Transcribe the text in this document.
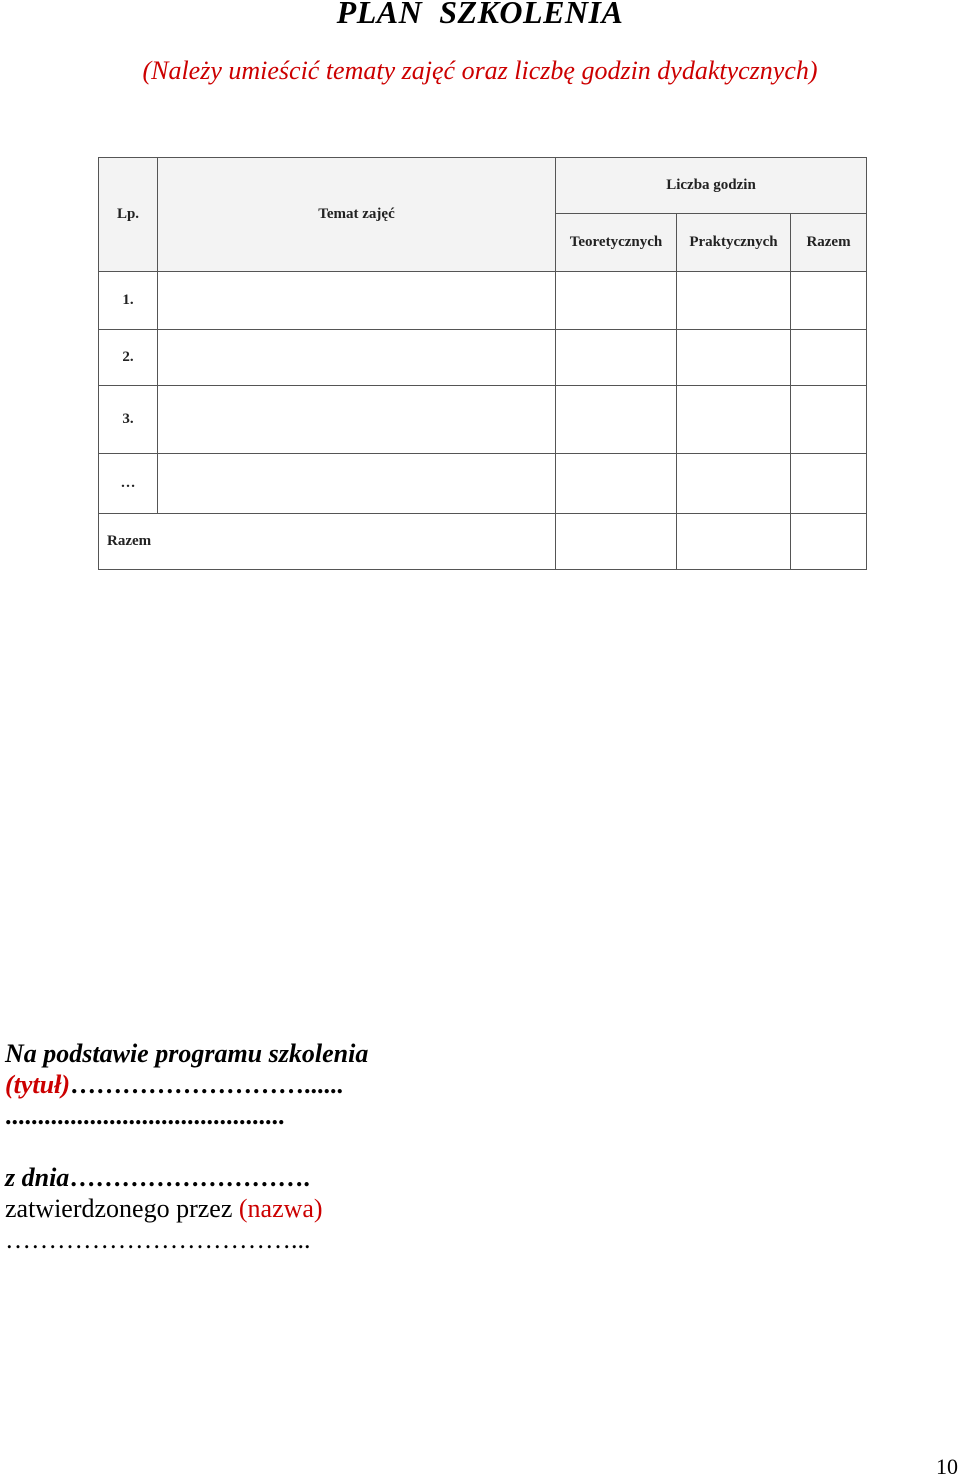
PLAN  SZKOLENIA
(Należy umieścić tematy zajęć oraz liczbę godzin dydaktycznych)
Lp.	Temat zajęć	Liczba godzin		
		Teoretycznych	Praktycznych	Razem
1.				
2.				
3.				
…				
Razem				
Na podstawie programu szkolenia
(tytuł)………………………......
...........................................
z dnia……………………….
zatwierdzonego przez (nazwa)
……………………………...
10
